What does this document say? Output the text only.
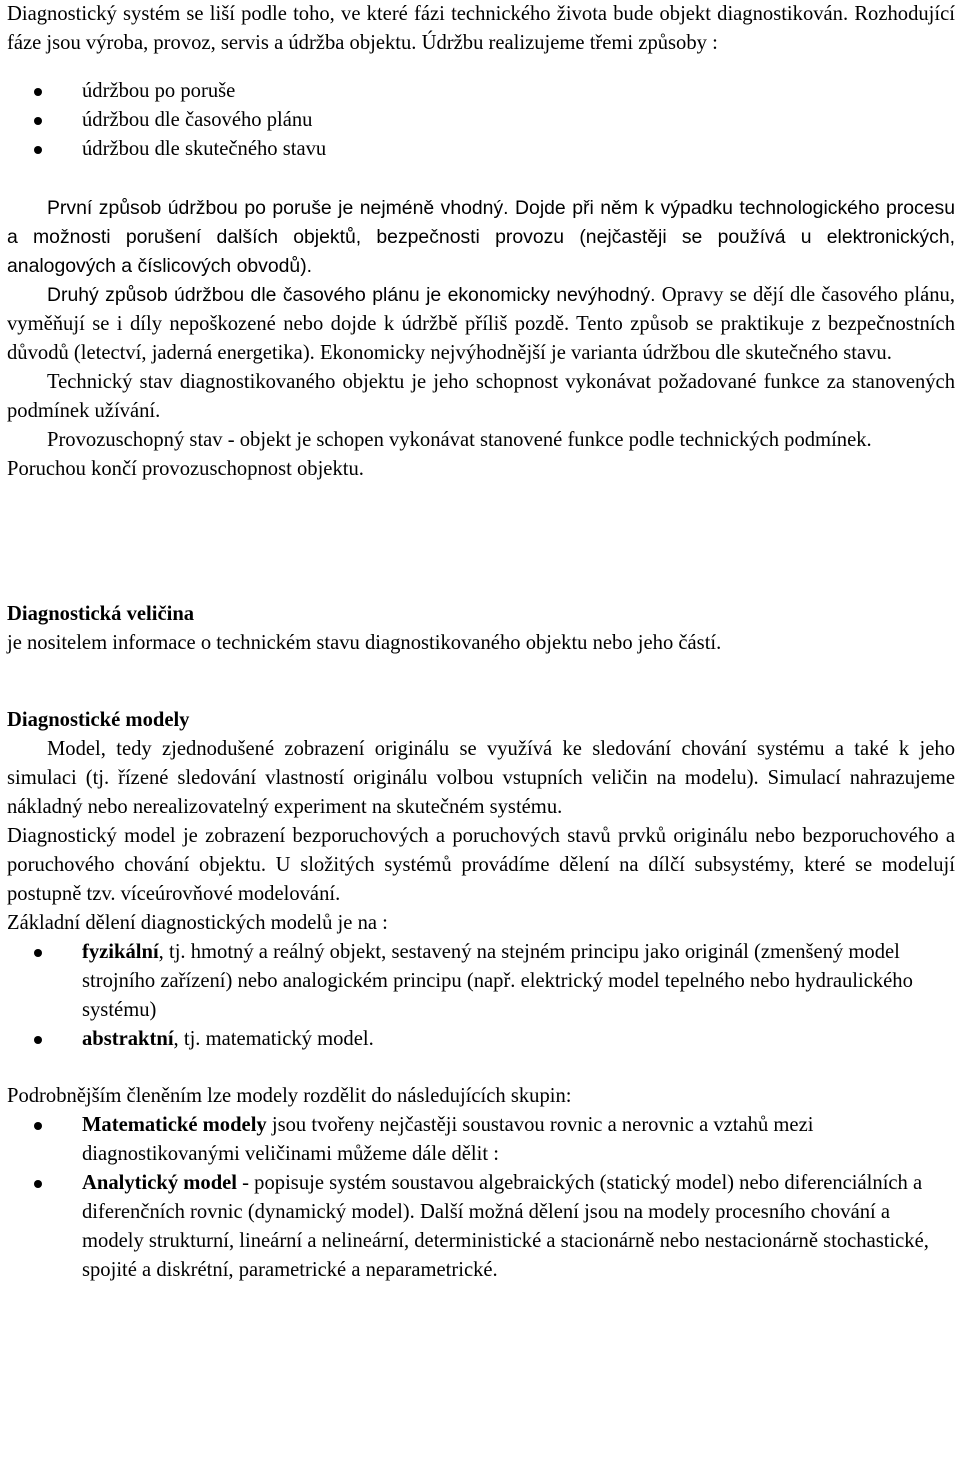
Diagnostický systém se liší podle toho, ve které fázi technického života bude objekt diagnostikován. Rozhodující fáze jsou výroba, provoz, servis a údržba objektu. Údržbu realizujeme třemi způsoby :

údržbou po poruše
údržbou dle časového plánu
údržbou dle skutečného stavu

První způsob údržbou po poruše je nejméně vhodný. Dojde při něm k výpadku technologického procesu a možnosti porušení dalších objektů, bezpečnosti provozu (nejčastěji se používá u elektronických, analogových a číslicových obvodů).

Druhý způsob údržbou dle časového plánu je ekonomicky nevýhodný. Opravy se dějí dle časového plánu, vyměňují se i díly nepoškozené nebo dojde k údržbě příliš pozdě. Tento způsob se praktikuje z bezpečnostních důvodů (letectví, jaderná energetika). Ekonomicky nejvýhodnější je varianta údržbou dle skutečného stavu.

Technický stav diagnostikovaného objektu je jeho schopnost vykonávat požadované funkce za stanovených podmínek užívání.

Provozuschopný stav - objekt je schopen vykonávat stanovené funkce podle technických podmínek.

Poruchou končí provozuschopnost objektu.

Diagnostická veličina

je nositelem informace o technickém stavu diagnostikovaného objektu nebo jeho částí.

Diagnostické modely

Model, tedy zjednodušené zobrazení originálu se využívá ke sledování chování systému a také k jeho simulaci (tj. řízené sledování vlastností originálu volbou vstupních veličin na modelu). Simulací nahrazujeme nákladný nebo nerealizovatelný experiment na skutečném systému.

Diagnostický model je zobrazení bezporuchových a poruchových stavů prvků originálu nebo bezporuchového a poruchového chování objektu. U složitých systémů provádíme dělení na dílčí subsystémy, které se modelují postupně tzv. víceúrovňové modelování.

Základní dělení diagnostických modelů je na :

fyzikální, tj. hmotný a reálný objekt, sestavený na stejném principu jako originál (zmenšený model strojního zařízení) nebo analogickém principu (např. elektrický model tepelného nebo hydraulického systému)
abstraktní, tj. matematický model.

Podrobnějším členěním lze modely rozdělit do následujících skupin:

Matematické modely jsou tvořeny nejčastěji soustavou rovnic a nerovnic a vztahů mezi diagnostikovanými veličinami můžeme dále dělit :
Analytický model - popisuje systém soustavou algebraických (statický model) nebo diferenciálních a diferenčních rovnic (dynamický model). Další možná dělení jsou na modely procesního chování a modely strukturní, lineární a nelineární, deterministické a stacionárně nebo nestacionárně stochastické, spojité a diskrétní, parametrické a neparametrické.
